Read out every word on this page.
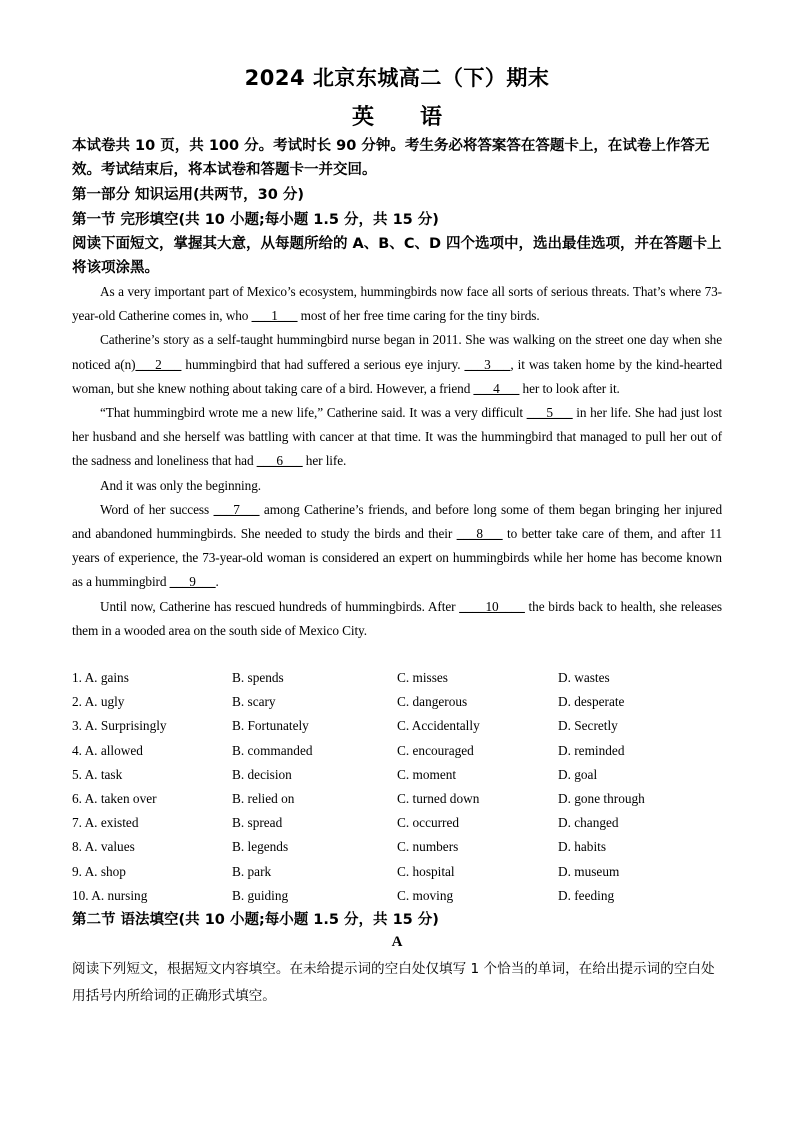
2024 北京东城高二（下）期末
英语
本试卷共 10 页，共 100 分。考试时长 90 分钟。考生务必将答案答在答题卡上，在试卷上作答无效。考试结束后，将本试卷和答题卡一并交回。
第一部分 知识运用(共两节，30 分)
第一节 完形填空(共 10 小题;每小题 1.5 分，共 15 分)
阅读下面短文，掌握其大意，从每题所给的 A、B、C、D 四个选项中，选出最佳选项，并在答题卡上将该项涂黑。

As a very important part of Mexico’s ecosystem, hummingbirds now face all sorts of serious threats. That’s where 73-year-old Catherine comes in, who ___1___ most of her free time caring for the tiny birds.

Catherine’s story as a self-taught hummingbird nurse began in 2011. She was walking on the street one day when she noticed a(n)___2___ hummingbird that had suffered a serious eye injury. ___3___, it was taken home by the kind-hearted woman, but she knew nothing about taking care of a bird. However, a friend ___4___ her to look after it.

“That hummingbird wrote me a new life,” Catherine said. It was a very difficult ___5___ in her life. She had just lost her husband and she herself was battling with cancer at that time. It was the hummingbird that managed to pull her out of the sadness and loneliness that had ___6___ her life.

And it was only the beginning.

Word of her success ___7___ among Catherine’s friends, and before long some of them began bringing her injured and abandoned hummingbirds. She needed to study the birds and their ___8___ to better take care of them, and after 11 years of experience, the 73-year-old woman is considered an expert on hummingbirds while her home has become known as a hummingbird ___9___.

Until now, Catherine has rescued hundreds of hummingbirds. After ____10____ the birds back to health, she releases them in a wooded area on the south side of Mexico City.

1. A. gains	B. spends	C. misses	D. wastes
2. A. ugly	B. scary	C. dangerous	D. desperate
3. A. Surprisingly	B. Fortunately	C. Accidentally	D. Secretly
4. A. allowed	B. commanded	C. encouraged	D. reminded
5. A. task	B. decision	C. moment	D. goal
6. A. taken over	B. relied on	C. turned down	D. gone through
7. A. existed	B. spread	C. occurred	D. changed
8. A. values	B. legends	C. numbers	D. habits
9. A. shop	B. park	C. hospital	D. museum
10. A. nursing	B. guiding	C. moving	D. feeding
第二节 语法填空(共 10 小题;每小题 1.5 分，共 15 分)
A
阅读下列短文，根据短文内容填空。在未给提示词的空白处仅填写 1 个恰当的单词，在给出提示词的空白处用括号内所给词的正确形式填空。
